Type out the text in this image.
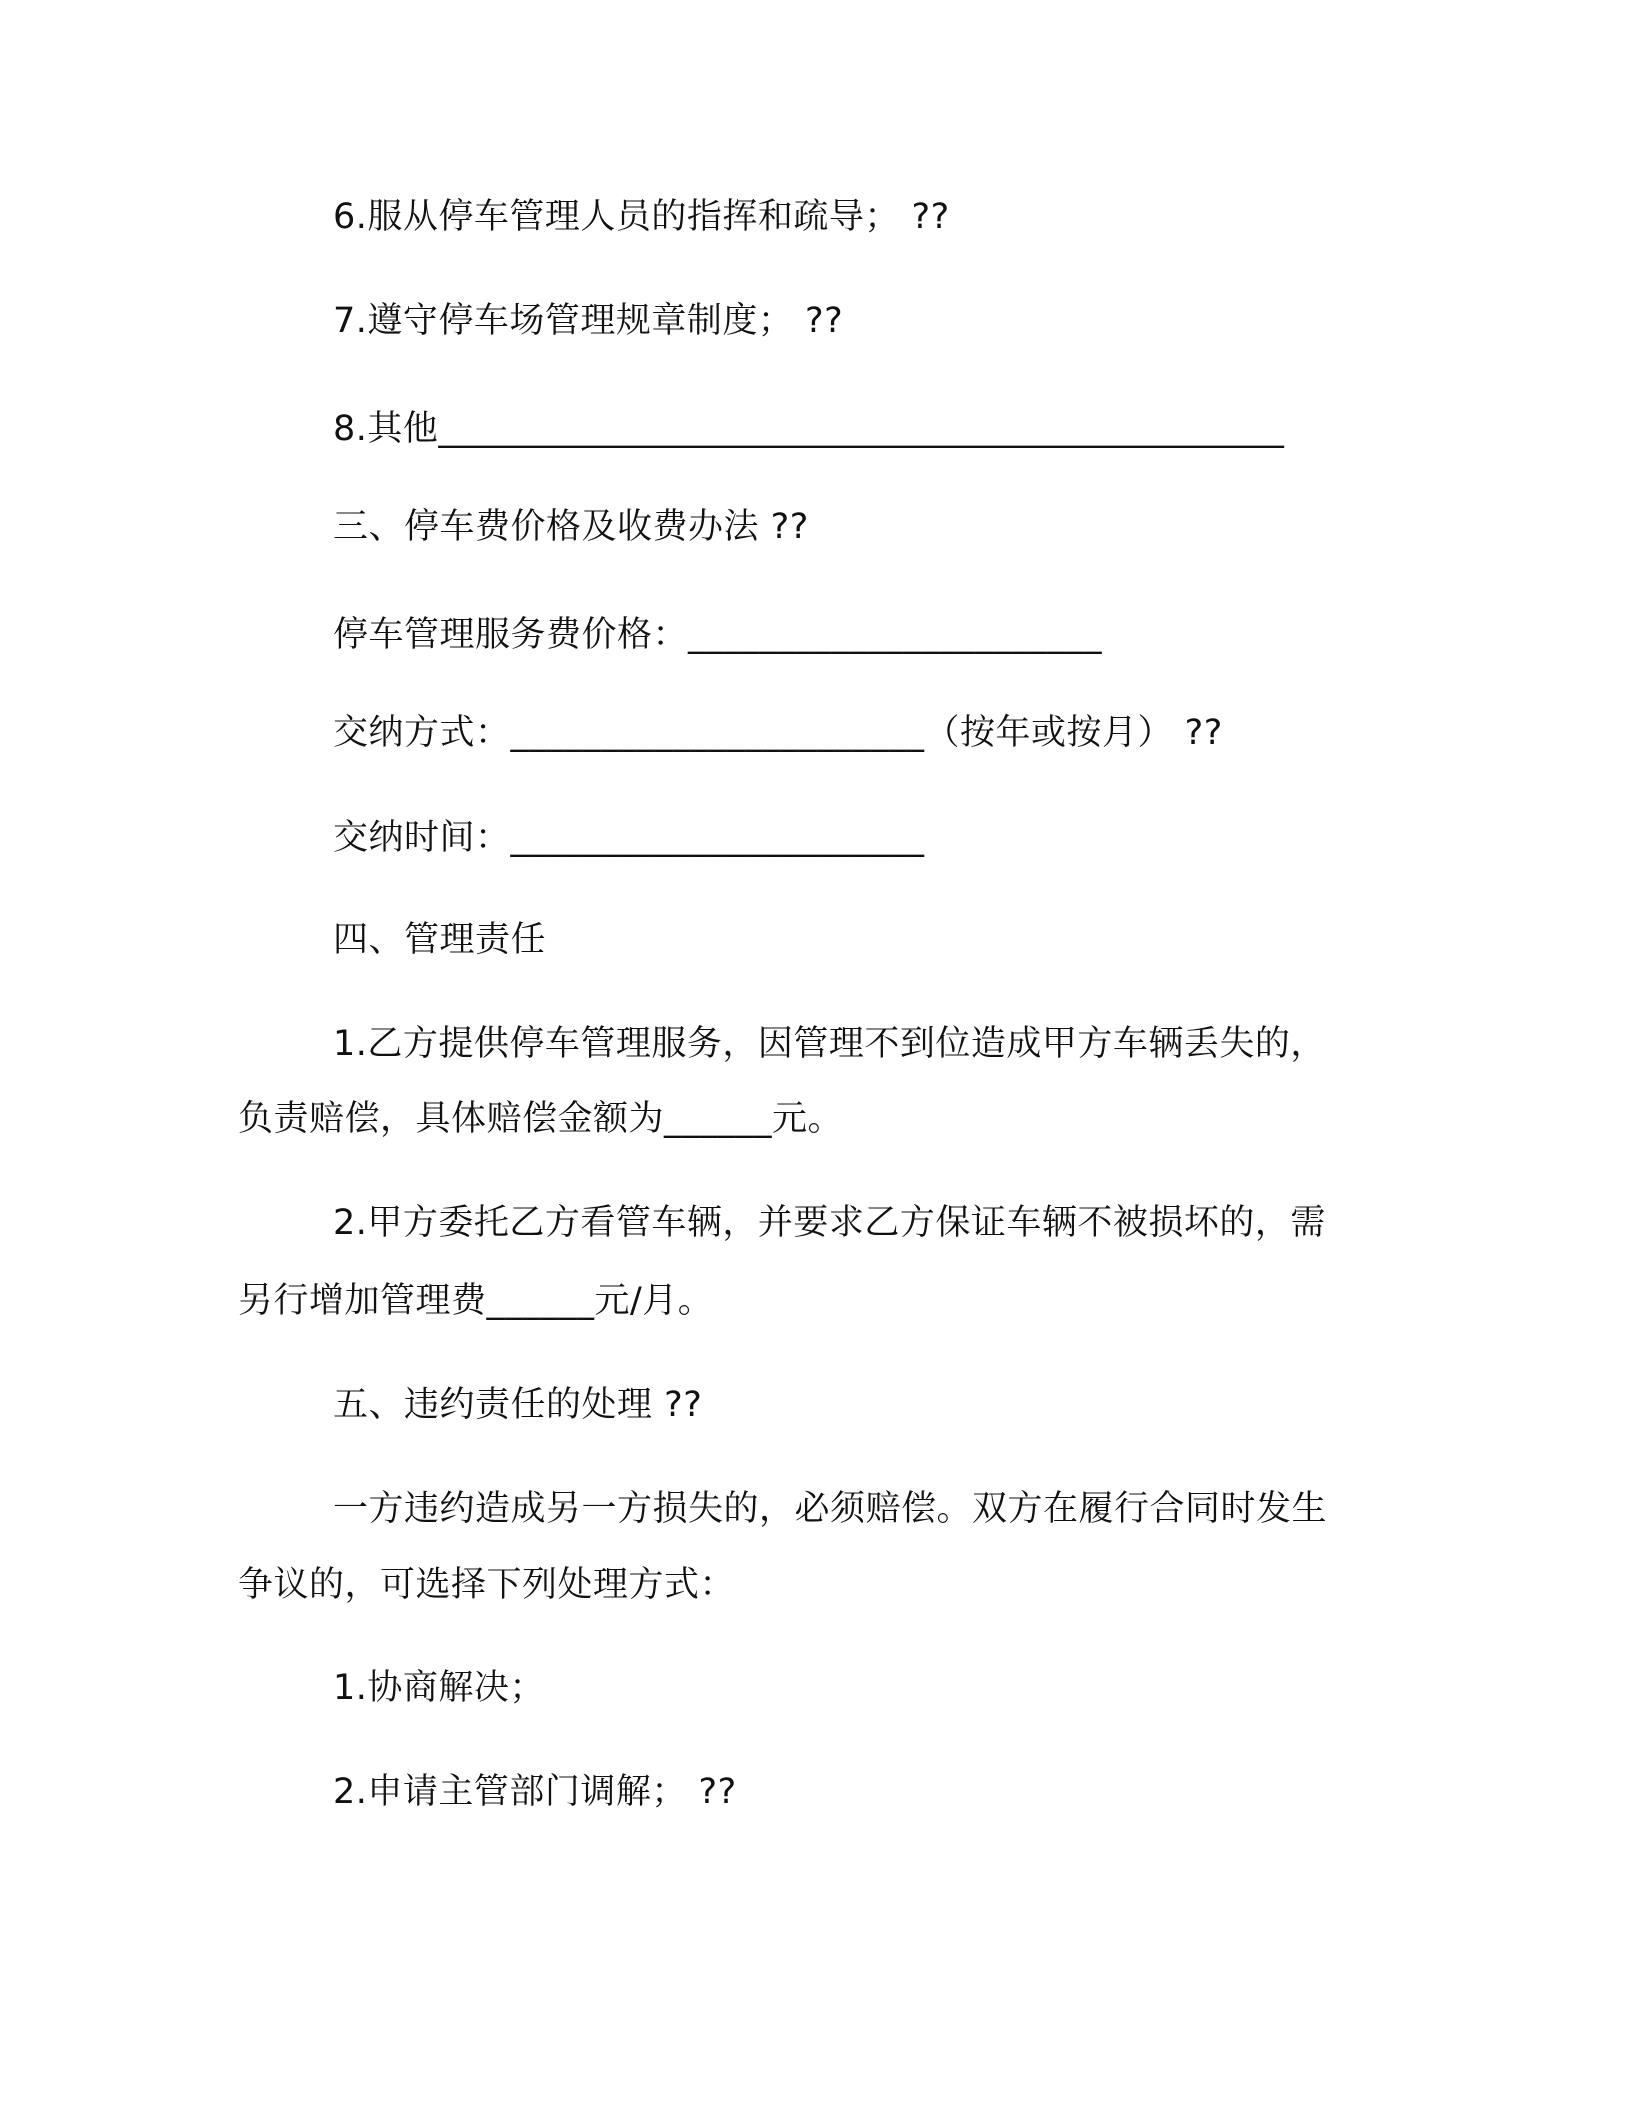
6.服从停车管理人员的指挥和疏导； ??
7.遵守停车场管理规章制度； ??
8.其他_______________________________________________
三、停车费价格及收费办法 ??
停车管理服务费价格：_______________________
交纳方式：_______________________（按年或按月） ??
交纳时间：_______________________
四、管理责任
1.乙方提供停车管理服务，因管理不到位造成甲方车辆丢失的，
负责赔偿，具体赔偿金额为______元。
2.甲方委托乙方看管车辆，并要求乙方保证车辆不被损坏的，需
另行增加管理费______元/月。
五、违约责任的处理 ??
一方违约造成另一方损失的，必须赔偿。双方在履行合同时发生
争议的，可选择下列处理方式：
1.协商解决；
2.申请主管部门调解； ??
